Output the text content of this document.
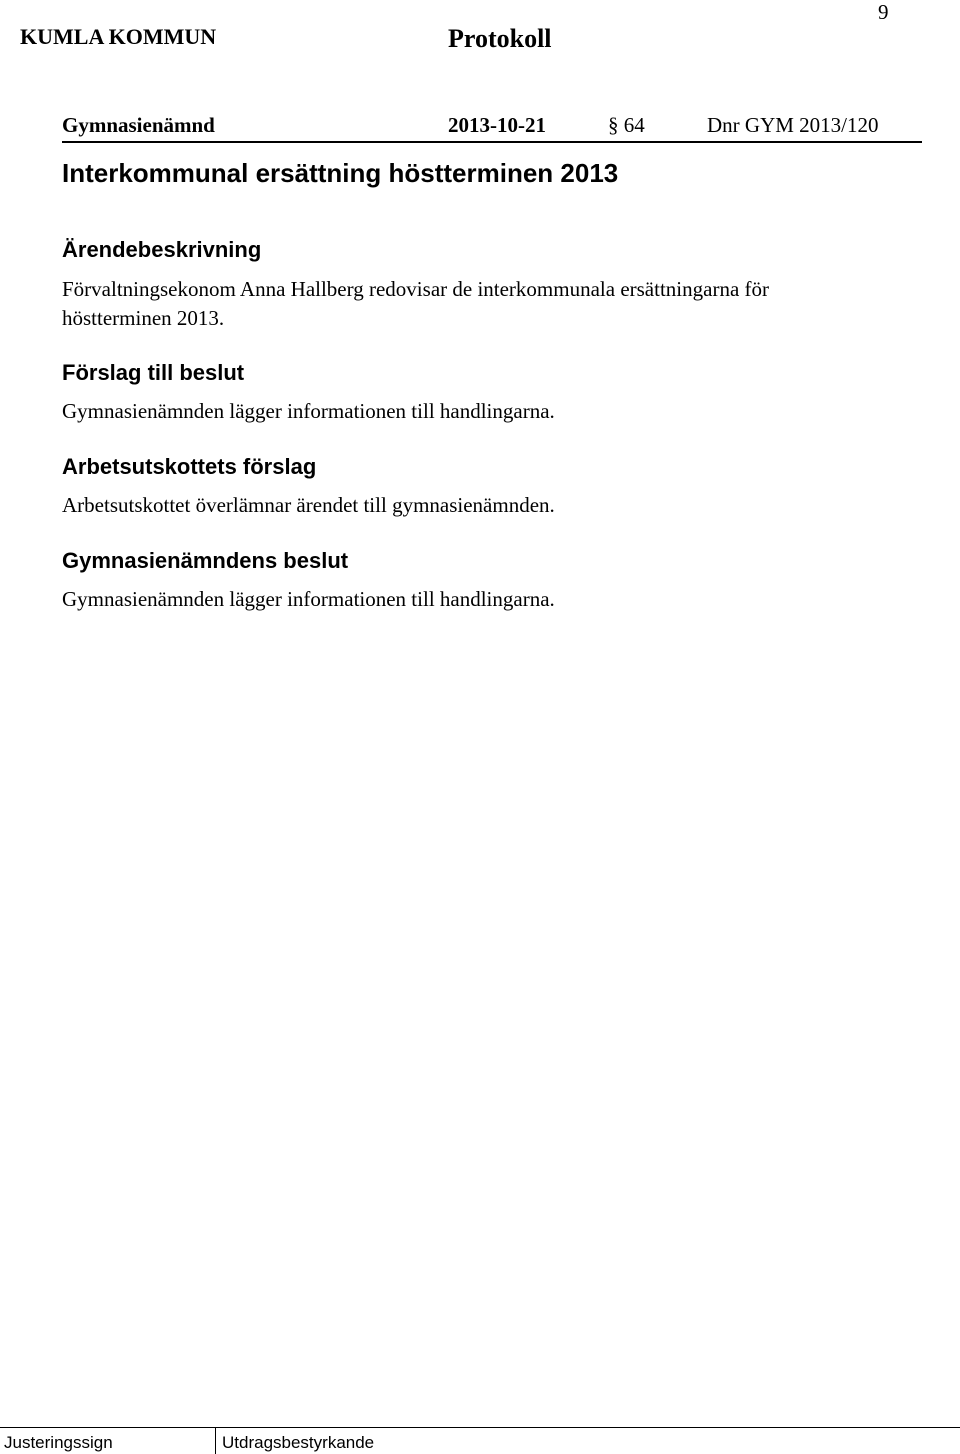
KUMLA KOMMUN	Protokoll
9
Gymnasienämnd	2013-10-21	§ 64	Dnr GYM 2013/120
Interkommunal ersättning höstterminen 2013
Ärendebeskrivning
Förvaltningsekonom Anna Hallberg redovisar de interkommunala ersättningarna för
höstterminen 2013.
Förslag till beslut
Gymnasienämnden lägger informationen till handlingarna.
Arbetsutskottets förslag
Arbetsutskottet överlämnar ärendet till gymnasienämnden.
Gymnasienämndens beslut
Gymnasienämnden lägger informationen till handlingarna.
Justeringssign	Utdragsbestyrkande
